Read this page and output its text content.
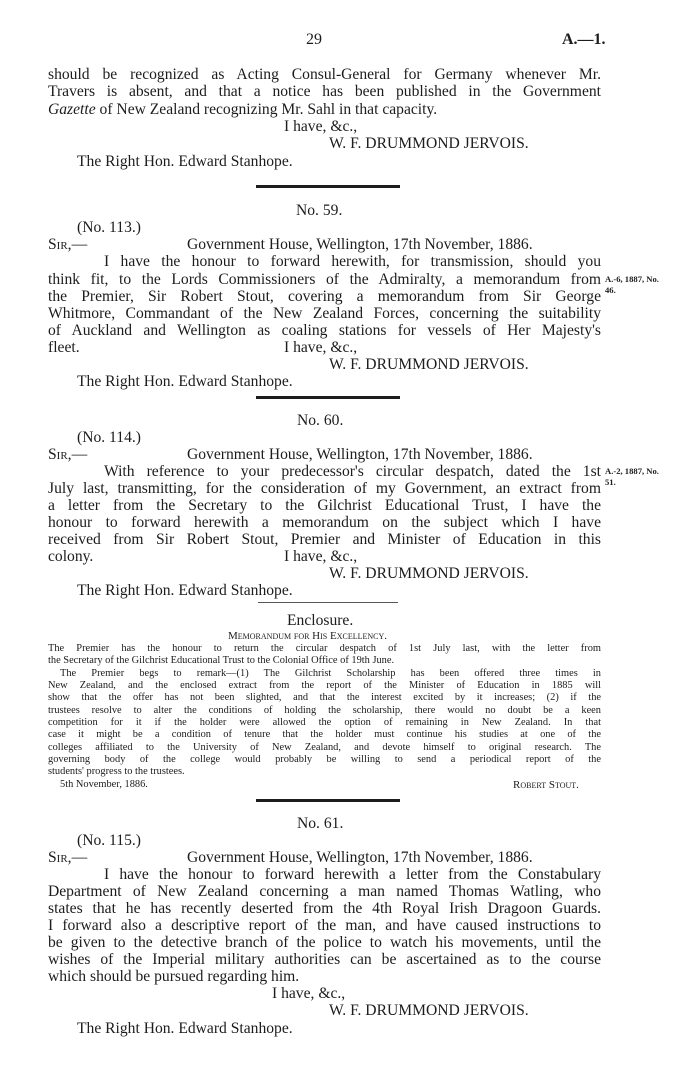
29	A.—1.
should be recognized as Acting Consul-General for Germany whenever Mr.
Travers is absent, and that a notice has been published in the Government
Gazette of New Zealand recognizing Mr. Sahl in that capacity.
I have, &c.,
W. F. DRUMMOND JERVOIS.
The Right Hon. Edward Stanhope.
No. 59.
(No. 113.)
Sir,—	Government House, Wellington, 17th November, 1886.
I have the honour to forward herewith, for transmission, should you
think fit, to the Lords Commissioners of the Admiralty, a memorandum from
the Premier, Sir Robert Stout, covering a memorandum from Sir George
Whitmore, Commandant of the New Zealand Forces, concerning the suitability
of Auckland and Wellington as coaling stations for vessels of Her Majesty's
fleet.	I have, &c.,
W. F. DRUMMOND JERVOIS.
The Right Hon. Edward Stanhope.
A.-6, 1887, No.
46.
No. 60.
(No. 114.)
Sir,—	Government House, Wellington, 17th November, 1886.
With reference to your predecessor's circular despatch, dated the 1st
July last, transmitting, for the consideration of my Government, an extract from
a letter from the Secretary to the Gilchrist Educational Trust, I have the
honour to forward herewith a memorandum on the subject which I have
received from Sir Robert Stout, Premier and Minister of Education in this
colony.	I have, &c.,
W. F. DRUMMOND JERVOIS.
The Right Hon. Edward Stanhope.
A.-2, 1887, No.
51.
Enclosure.
Memorandum for His Excellency.
The Premier has the honour to return the circular despatch of 1st July last, with the letter from
the Secretary of the Gilchrist Educational Trust to the Colonial Office of 19th June.
The Premier begs to remark—(1) The Gilchrist Scholarship has been offered three times in
New Zealand, and the enclosed extract from the report of the Minister of Education in 1885 will
show that the offer has not been slighted, and that the interest excited by it increases; (2) if the
trustees resolve to alter the conditions of holding the scholarship, there would no doubt be a keen
competition for it if the holder were allowed the option of remaining in New Zealand. In that
case it might be a condition of tenure that the holder must continue his studies at one of the
colleges affiliated to the University of New Zealand, and devote himself to original research. The
governing body of the college would probably be willing to send a periodical report of the
students' progress to the trustees.
5th November, 1886.	Robert Stout.
No. 61.
(No. 115.)
Sir,—	Government House, Wellington, 17th November, 1886.
I have the honour to forward herewith a letter from the Constabulary
Department of New Zealand concerning a man named Thomas Watling, who
states that he has recently deserted from the 4th Royal Irish Dragoon Guards.
I forward also a descriptive report of the man, and have caused instructions to
be given to the detective branch of the police to watch his movements, until the
wishes of the Imperial military authorities can be ascertained as to the course
which should be pursued regarding him.
I have, &c.,
W. F. DRUMMOND JERVOIS.
The Right Hon. Edward Stanhope.
